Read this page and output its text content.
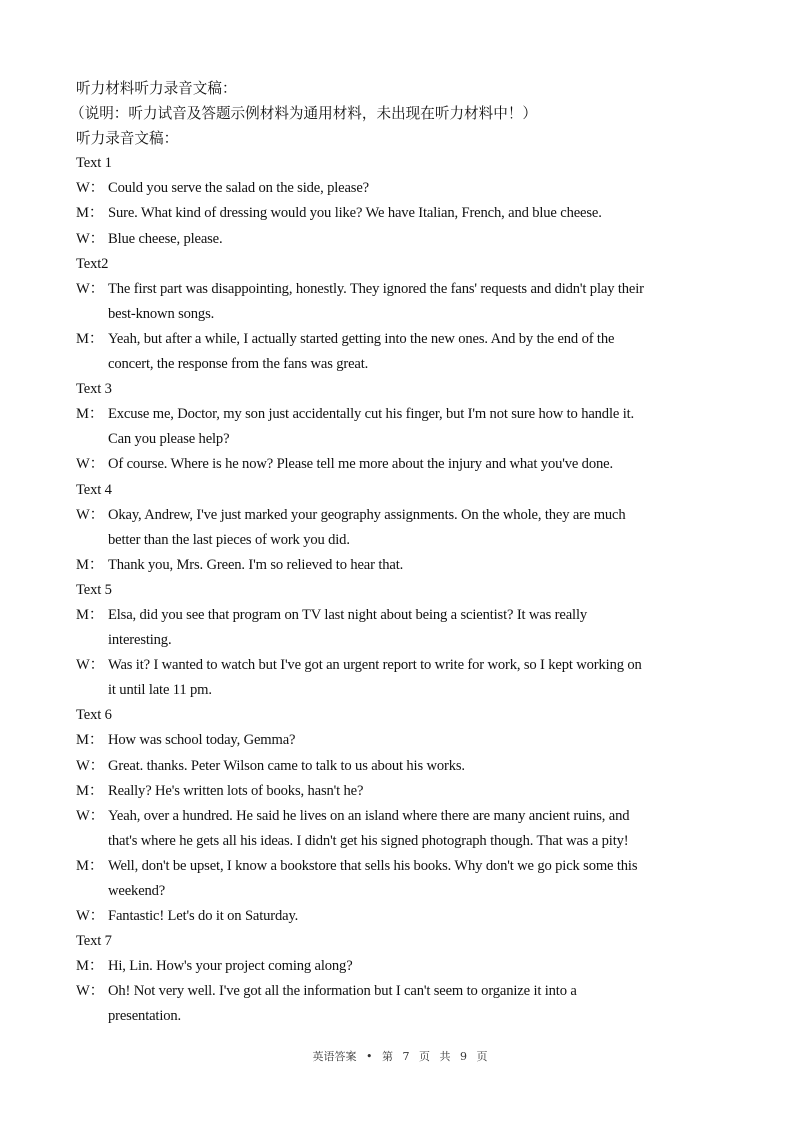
听力材料听力录音文稿：
（说明：听力试音及答题示例材料为通用材料，未出现在听力材料中！）
听力录音文稿：
Text 1
W： Could you serve the salad on the side, please?
M： Sure. What kind of dressing would you like? We have Italian, French, and blue cheese.
W： Blue cheese, please.
Text2
W： The first part was disappointing, honestly. They ignored the fans' requests and didn't play their
best-known songs.
M： Yeah, but after a while, I actually started getting into the new ones. And by the end of the
concert, the response from the fans was great.
Text 3
M： Excuse me, Doctor, my son just accidentally cut his finger, but I'm not sure how to handle it.
Can you please help?
W： Of course. Where is he now? Please tell me more about the injury and what you've done.
Text 4
W： Okay, Andrew, I've just marked your geography assignments. On the whole, they are much
better than the last pieces of work you did.
M： Thank you, Mrs. Green. I'm so relieved to hear that.
Text 5
M： Elsa, did you see that program on TV last night about being a scientist? It was really
interesting.
W： Was it? I wanted to watch but I've got an urgent report to write for work, so I kept working on
it until late 11 pm.
Text 6
M： How was school today, Gemma?
W： Great. thanks. Peter Wilson came to talk to us about his works.
M： Really? He's written lots of books, hasn't he?
W： Yeah, over a hundred. He said he lives on an island where there are many ancient ruins, and
that's where he gets all his ideas. I didn't get his signed photograph though. That was a pity!
M： Well, don't be upset, I know a bookstore that sells his books. Why don't we go pick some this
weekend?
W： Fantastic! Let's do it on Saturday.
Text 7
M： Hi, Lin. How's your project coming along?
W： Oh! Not very well. I've got all the information but I can't seem to organize it into a
presentation.
英语答案 • 第 7 页 共 9 页
